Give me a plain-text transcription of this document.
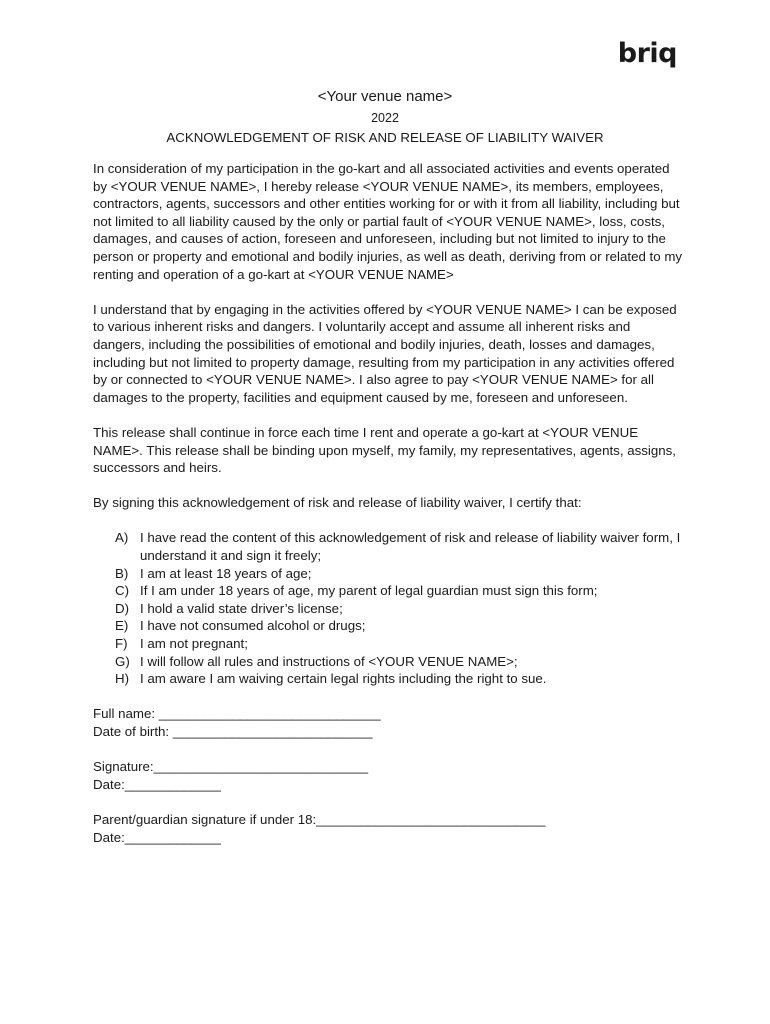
briq
<Your venue name>
2022
ACKNOWLEDGEMENT OF RISK AND RELEASE OF LIABILITY WAIVER

In consideration of my participation in the go-kart and all associated activities and events operated by <YOUR VENUE NAME>, I hereby release <YOUR VENUE NAME>, its members, employees, contractors, agents, successors and other entities working for or with it from all liability, including but not limited to all liability caused by the only or partial fault of <YOUR VENUE NAME>, loss, costs, damages, and causes of action, foreseen and unforeseen, including but not limited to injury to the person or property and emotional and bodily injuries, as well as death, deriving from or related to my renting and operation of a go-kart at <YOUR VENUE NAME>

I understand that by engaging in the activities offered by <YOUR VENUE NAME> I can be exposed to various inherent risks and dangers. I voluntarily accept and assume all inherent risks and dangers, including the possibilities of emotional and bodily injuries, death, losses and damages, including but not limited to property damage, resulting from my participation in any activities offered by or connected to <YOUR VENUE NAME>. I also agree to pay <YOUR VENUE NAME> for all damages to the property, facilities and equipment caused by me, foreseen and unforeseen.

This release shall continue in force each time I rent and operate a go-kart at <YOUR VENUE NAME>. This release shall be binding upon myself, my family, my representatives, agents, assigns, successors and heirs.

By signing this acknowledgement of risk and release of liability waiver, I certify that:

A) I have read the content of this acknowledgement of risk and release of liability waiver form, I understand it and sign it freely;
B) I am at least 18 years of age;
C) If I am under 18 years of age, my parent of legal guardian must sign this form;
D) I hold a valid state driver’s license;
E) I have not consumed alcohol or drugs;
F) I am not pregnant;
G) I will follow all rules and instructions of <YOUR VENUE NAME>;
H) I am aware I am waiving certain legal rights including the right to sue.
Full name: ______________________________
Date of birth: ___________________________
Signature:_____________________________
Date:_____________
Parent/guardian signature if under 18:_______________________________
Date:_____________
